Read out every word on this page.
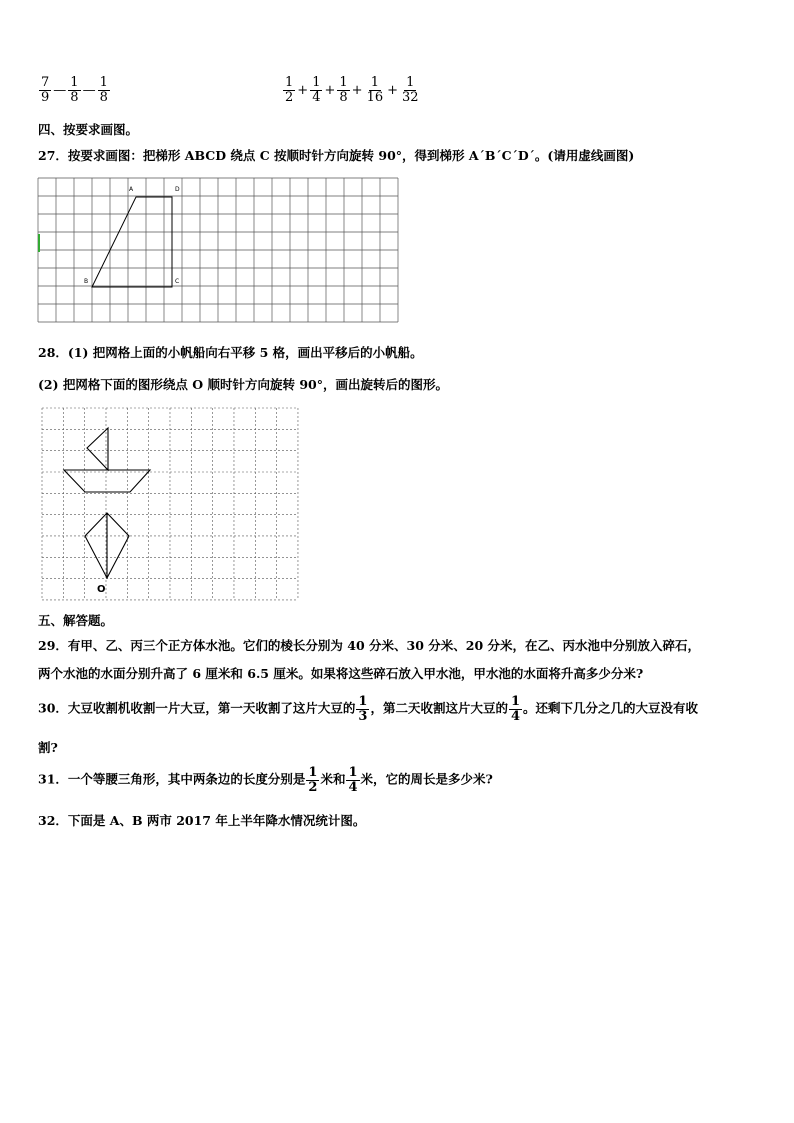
$\frac{7}{9}$ — $\frac{1}{8}$ — $\frac{1}{8}$	$\frac{1}{2} + \frac{1}{4} + \frac{1}{8} + \frac{1}{16} + \frac{1}{32}$
四、按要求画图。
27．按要求画图：把梯形 ABCD 绕点 C 按顺时针方向旋转 90°，得到梯形 A´B´C´D´。(请用虚线画图)
A	D
B	C
28．(1) 把网格上面的小帆船向右平移 5 格，画出平移后的小帆船。
(2) 把网格下面的图形绕点 O 顺时针方向旋转 90°，画出旋转后的图形。
O
五、解答题。
29．有甲、乙、丙三个正方体水池。它们的棱长分别为 40 分米、30 分米、20 分米，在乙、丙水池中分别放入碎石，
两个水池的水面分别升高了 6 厘米和 6.5 厘米。如果将这些碎石放入甲水池，甲水池的水面将升高多少分米?
30．大豆收割机收割一片大豆，第一天收割了这片大豆的 $\frac{1}{3}$ ，第二天收割这片大豆的 $\frac{1}{4}$ 。还剩下几分之几的大豆没有收
割?
31．一个等腰三角形，其中两条边的长度分别是 $\frac{1}{2}$ 米和 $\frac{1}{4}$ 米，它的周长是多少米?
32．下面是 A、B 两市 2017 年上半年降水情况统计图。
